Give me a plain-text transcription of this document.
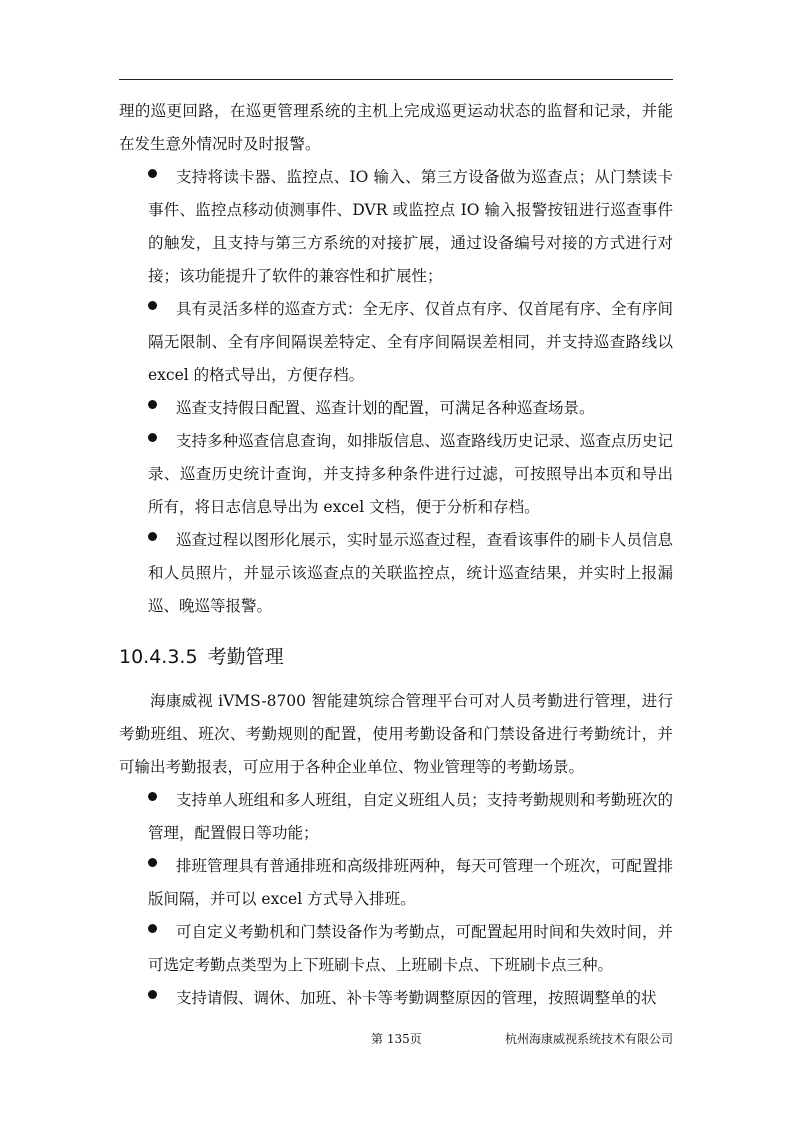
理的巡更回路，在巡更管理系统的主机上完成巡更运动状态的监督和记录，并能在发生意外情况时及时报警。

支持将读卡器、监控点、IO 输入、第三方设备做为巡查点；从门禁读卡事件、监控点移动侦测事件、DVR 或监控点 IO 输入报警按钮进行巡查事件的触发，且支持与第三方系统的对接扩展，通过设备编号对接的方式进行对接；该功能提升了软件的兼容性和扩展性；

具有灵活多样的巡查方式：全无序、仅首点有序、仅首尾有序、全有序间隔无限制、全有序间隔误差特定、全有序间隔误差相同，并支持巡查路线以 excel 的格式导出，方便存档。

巡查支持假日配置、巡查计划的配置，可满足各种巡查场景。

支持多种巡查信息查询，如排版信息、巡查路线历史记录、巡查点历史记录、巡查历史统计查询，并支持多种条件进行过滤，可按照导出本页和导出所有，将日志信息导出为 excel 文档，便于分析和存档。

巡查过程以图形化展示，实时显示巡查过程，查看该事件的刷卡人员信息和人员照片，并显示该巡查点的关联监控点，统计巡查结果，并实时上报漏巡、晚巡等报警。

10.4.3.5 考勤管理

海康威视 iVMS-8700 智能建筑综合管理平台可对人员考勤进行管理，进行考勤班组、班次、考勤规则的配置，使用考勤设备和门禁设备进行考勤统计，并可输出考勤报表，可应用于各种企业单位、物业管理等的考勤场景。

支持单人班组和多人班组，自定义班组人员；支持考勤规则和考勤班次的管理，配置假日等功能；

排班管理具有普通排班和高级排班两种，每天可管理一个班次，可配置排版间隔，并可以 excel 方式导入排班。

可自定义考勤机和门禁设备作为考勤点，可配置起用时间和失效时间，并可选定考勤点类型为上下班刷卡点、上班刷卡点、下班刷卡点三种。

支持请假、调休、加班、补卡等考勤调整原因的管理，按照调整单的状

第 135页	杭州海康威视系统技术有限公司
